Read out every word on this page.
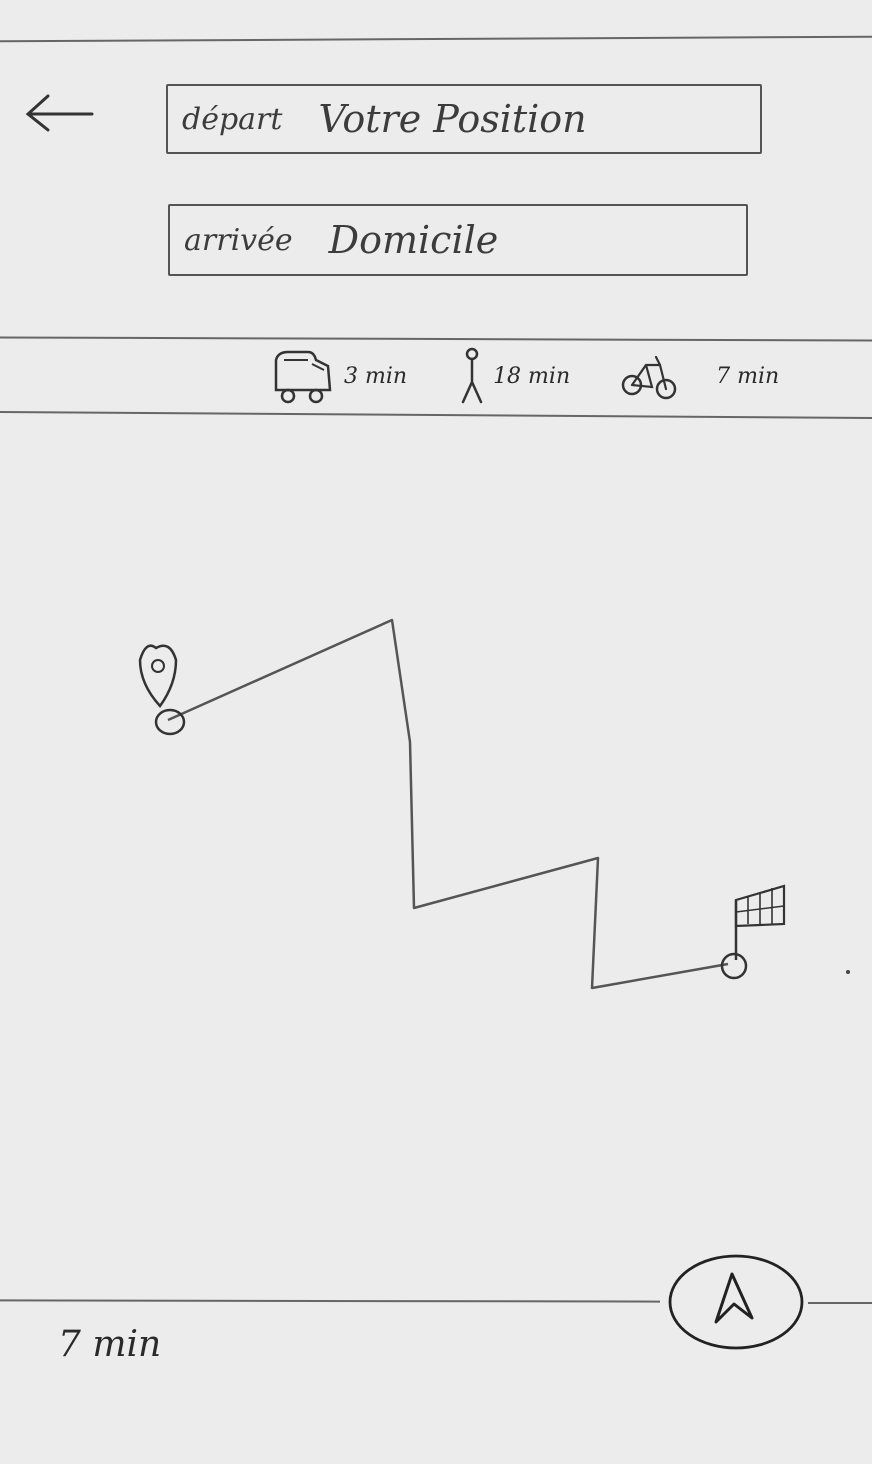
départ Votre Position
arrivée Domicile
3 min	18 min	7 min
7 min
